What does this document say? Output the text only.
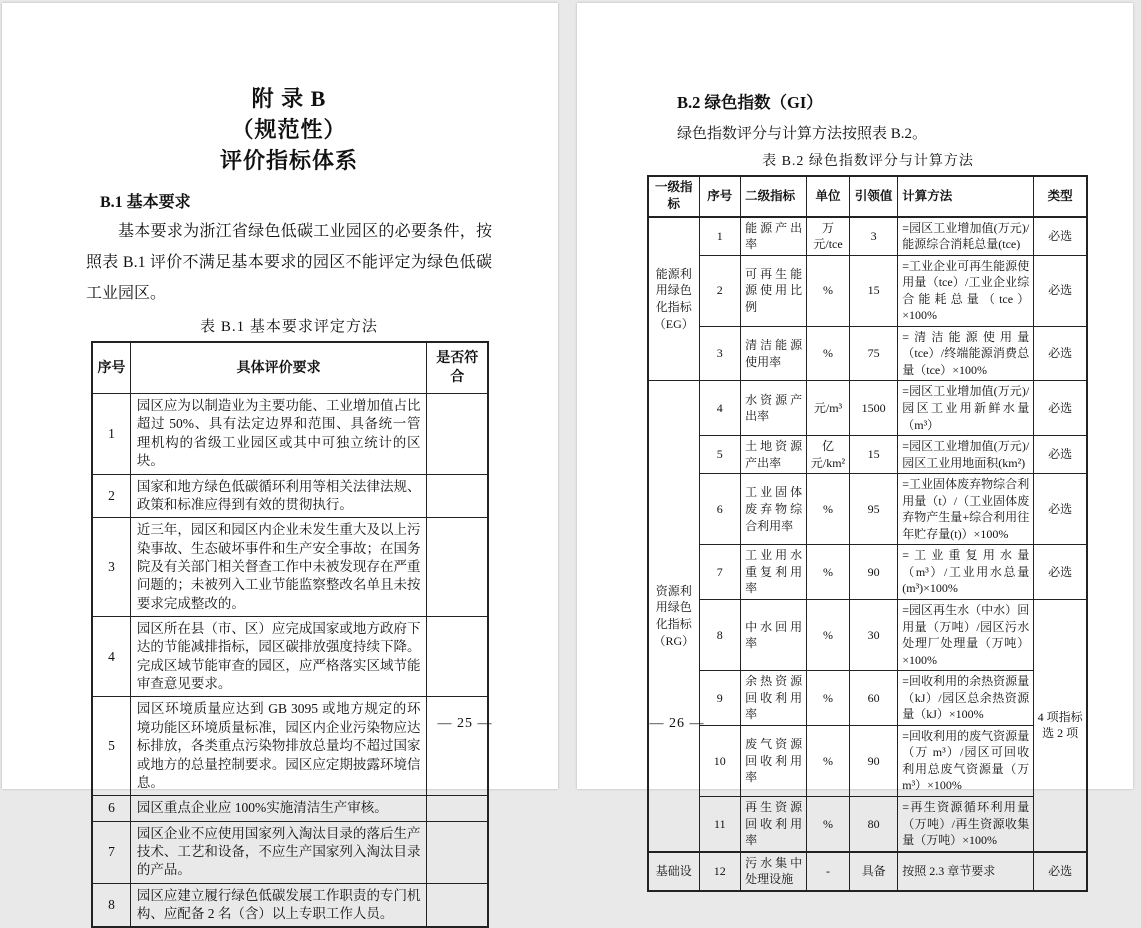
附 录 B
（规范性）
评价指标体系
B.1 基本要求

基本要求为浙江省绿色低碳工业园区的必要条件，按照表 B.1 评价不满足基本要求的园区不能评定为绿色低碳工业园区。

表 B.1 基本要求评定方法
序号	具体评价要求	是否符合
1	园区应为以制造业为主要功能、工业增加值占比超过 50%、具有法定边界和范围、具备统一管理机构的省级工业园区或其中可独立统计的区块。	
2	国家和地方绿色低碳循环利用等相关法律法规、政策和标准应得到有效的贯彻执行。	
3	近三年，园区和园区内企业未发生重大及以上污染事故、生态破坏事件和生产安全事故；在国务院及有关部门相关督查工作中未被发现存在严重问题的；未被列入工业节能监察整改名单且未按要求完成整改的。	
4	园区所在县（市、区）应完成国家或地方政府下达的节能减排指标，园区碳排放强度持续下降。完成区域节能审查的园区，应严格落实区域节能审查意见要求。	
5	园区环境质量应达到 GB 3095 或地方规定的环境功能区环境质量标准，园区内企业污染物应达标排放，各类重点污染物排放总量均不超过国家或地方的总量控制要求。园区应定期披露环境信息。	
6	园区重点企业应 100%实施清洁生产审核。	
7	园区企业不应使用国家列入淘汰目录的落后生产技术、工艺和设备，不应生产国家列入淘汰目录的产品。	
8	园区应建立履行绿色低碳发展工作职责的专门机构、应配备 2 名（含）以上专职工作人员。	
— 25 —
B.2 绿色指数（GI）
绿色指数评分与计算方法按照表 B.2。
表 B.2 绿色指数评分与计算方法
一级指标	序号	二级指标	单位	引领值	计算方法	类型
能源利用绿色化指标（EG）	1	能源产出率	万元/tce	3	=园区工业增加值(万元)/能源综合消耗总量(tce)	必选
	2	可再生能源使用比例	%	15	=工业企业可再生能源使用量（tce）/工业企业综合能耗总量（tce）×100%	必选
	3	清洁能源使用率	%	75	=清洁能源使用量（tce）/终端能源消费总量（tce）×100%	必选
资源利用绿色化指标（RG）	4	水资源产出率	元/m³	1500	=园区工业增加值(万元)/园区工业用新鲜水量（m³）	必选
	5	土地资源产出率	亿元/km²	15	=园区工业增加值(万元)/园区工业用地面积(km²)	必选
	6	工业固体废弃物综合利用率	%	95	=工业固体废弃物综合利用量（t）/（工业固体废弃物产生量+综合利用往年贮存量(t)）×100%	必选
	7	工业用水重复利用率	%	90	=工业重复用水量（m³）/工业用水总量(m³)×100%	必选
	8	中水回用率	%	30	=园区再生水（中水）回用量（万吨）/园区污水处理厂处理量（万吨）×100%	4 项指标选 2 项
	9	余热资源回收利用率	%	60	=回收利用的余热资源量（kJ）/园区总余热资源量（kJ）×100%	
	10	废气资源回收利用率	%	90	=回收利用的废气资源量（万 m³）/园区可回收利用总废气资源量（万 m³）×100%	
	11	再生资源回收利用率	%	80	=再生资源循环利用量（万吨）/再生资源收集量（万吨）×100%	
基础设	12	污水集中处理设施	-	具备	按照 2.3 章节要求	必选
— 26 —
